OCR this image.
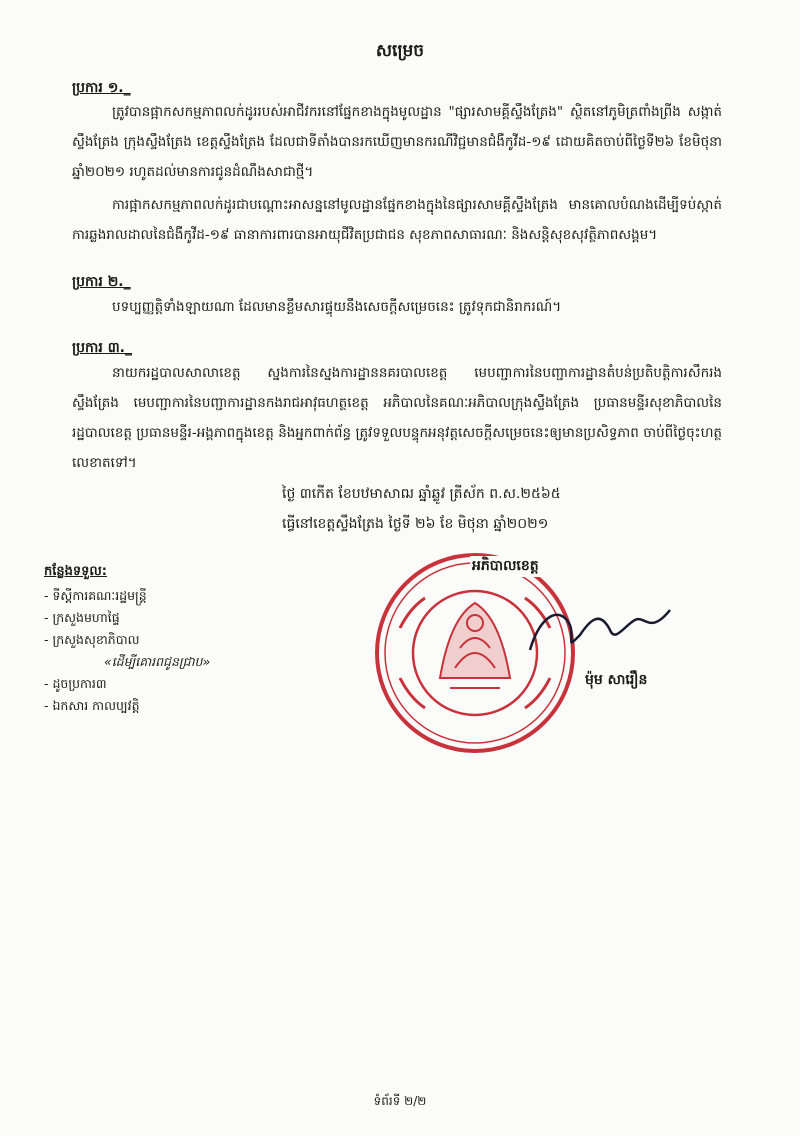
សម្រេច
ប្រការ ១._
ត្រូវបានផ្អាកសកម្មភាពលក់ដូររបស់អាជីវករនៅផ្នែកខាងក្នុងមូលដ្ឋាន "ផ្សារសាមគ្គីស្ទឹងត្រែង" ស្ថិតនៅភូមិត្រពាំងព្រីង សង្កាត់ស្ទឹងត្រែង ក្រុងស្ទឹងត្រែង ខេត្តស្ទឹងត្រែង ដែលជាទីតាំងបានរកឃើញមានករណីវិជ្ជមានជំងឺកូវីដ-១៩ ដោយគិតចាប់ពីថ្ងៃទី២៦ ខែមិថុនា ឆ្នាំ២០២១ រហូតដល់មានការជូនដំណឹងសាជាថ្មី។
ការផ្អាកសកម្មភាពលក់ដូរជាបណ្ដោះអាសន្ននៅមូលដ្ឋានផ្នែកខាងក្នុងនៃផ្សារសាមគ្គីស្ទឹងត្រែង មានគោលបំណងដើម្បីទប់ស្កាត់ការឆ្លងរាលដាលនៃជំងឺកូវីដ-១៩ ធានាការពារបានអាយុជីវិតប្រជាជន សុខភាពសាធារណៈ និងសន្តិសុខសុវត្ថិភាពសង្គម។
ប្រការ ២._
បទប្បញ្ញត្តិទាំងឡាយណា ដែលមានខ្លឹមសារផ្ទុយនឹងសេចក្ដីសម្រេចនេះ ត្រូវទុកជានិរាករណ៍។
ប្រការ ៣._
នាយករដ្ឋបាលសាលាខេត្ត ស្នងការនៃស្នងការដ្ឋាននគរបាលខេត្ត មេបញ្ជាការនៃបញ្ជាការដ្ឋានតំបន់ប្រតិបត្តិការសឹករងស្ទឹងត្រែង មេបញ្ជាការនៃបញ្ជាការដ្ឋានកងរាជអាវុធហត្ថខេត្ត អភិបាលនៃគណៈអភិបាលក្រុងស្ទឹងត្រែង ប្រធានមន្ទីរសុខាភិបាលនៃរដ្ឋបាលខេត្ត ប្រធានមន្ទីរ-អង្គភាពក្នុងខេត្ត និងអ្នកពាក់ព័ន្ធ ត្រូវទទួលបន្ទុកអនុវត្តសេចក្ដីសម្រេចនេះឲ្យមានប្រសិទ្ធភាព ចាប់ពីថ្ងៃចុះហត្ថលេខាតទៅ។
ថ្ងៃ ៣កើត ខែបឋមាសាឍ ឆ្នាំឆ្លូវ ត្រីស័ក ព.ស.២៥៦៥
ធ្វើនៅខេត្តស្ទឹងត្រែង ថ្ងៃទី ២៦ ខែ មិថុនា ឆ្នាំ២០២១
កន្លែងទទួល:
- ទីស្ដីការគណៈរដ្ឋមន្ត្រី
- ក្រសួងមហាផ្ទៃ
- ក្រសួងសុខាភិបាល
«ដើម្បីគោរពជូនជ្រាប»
- ដូចប្រការ៣
- ឯកសារ កាលប្បវត្តិ
អភិបាលខេត្ត
ម៉ុម សារឿន
ទំព័រទី ២/២
